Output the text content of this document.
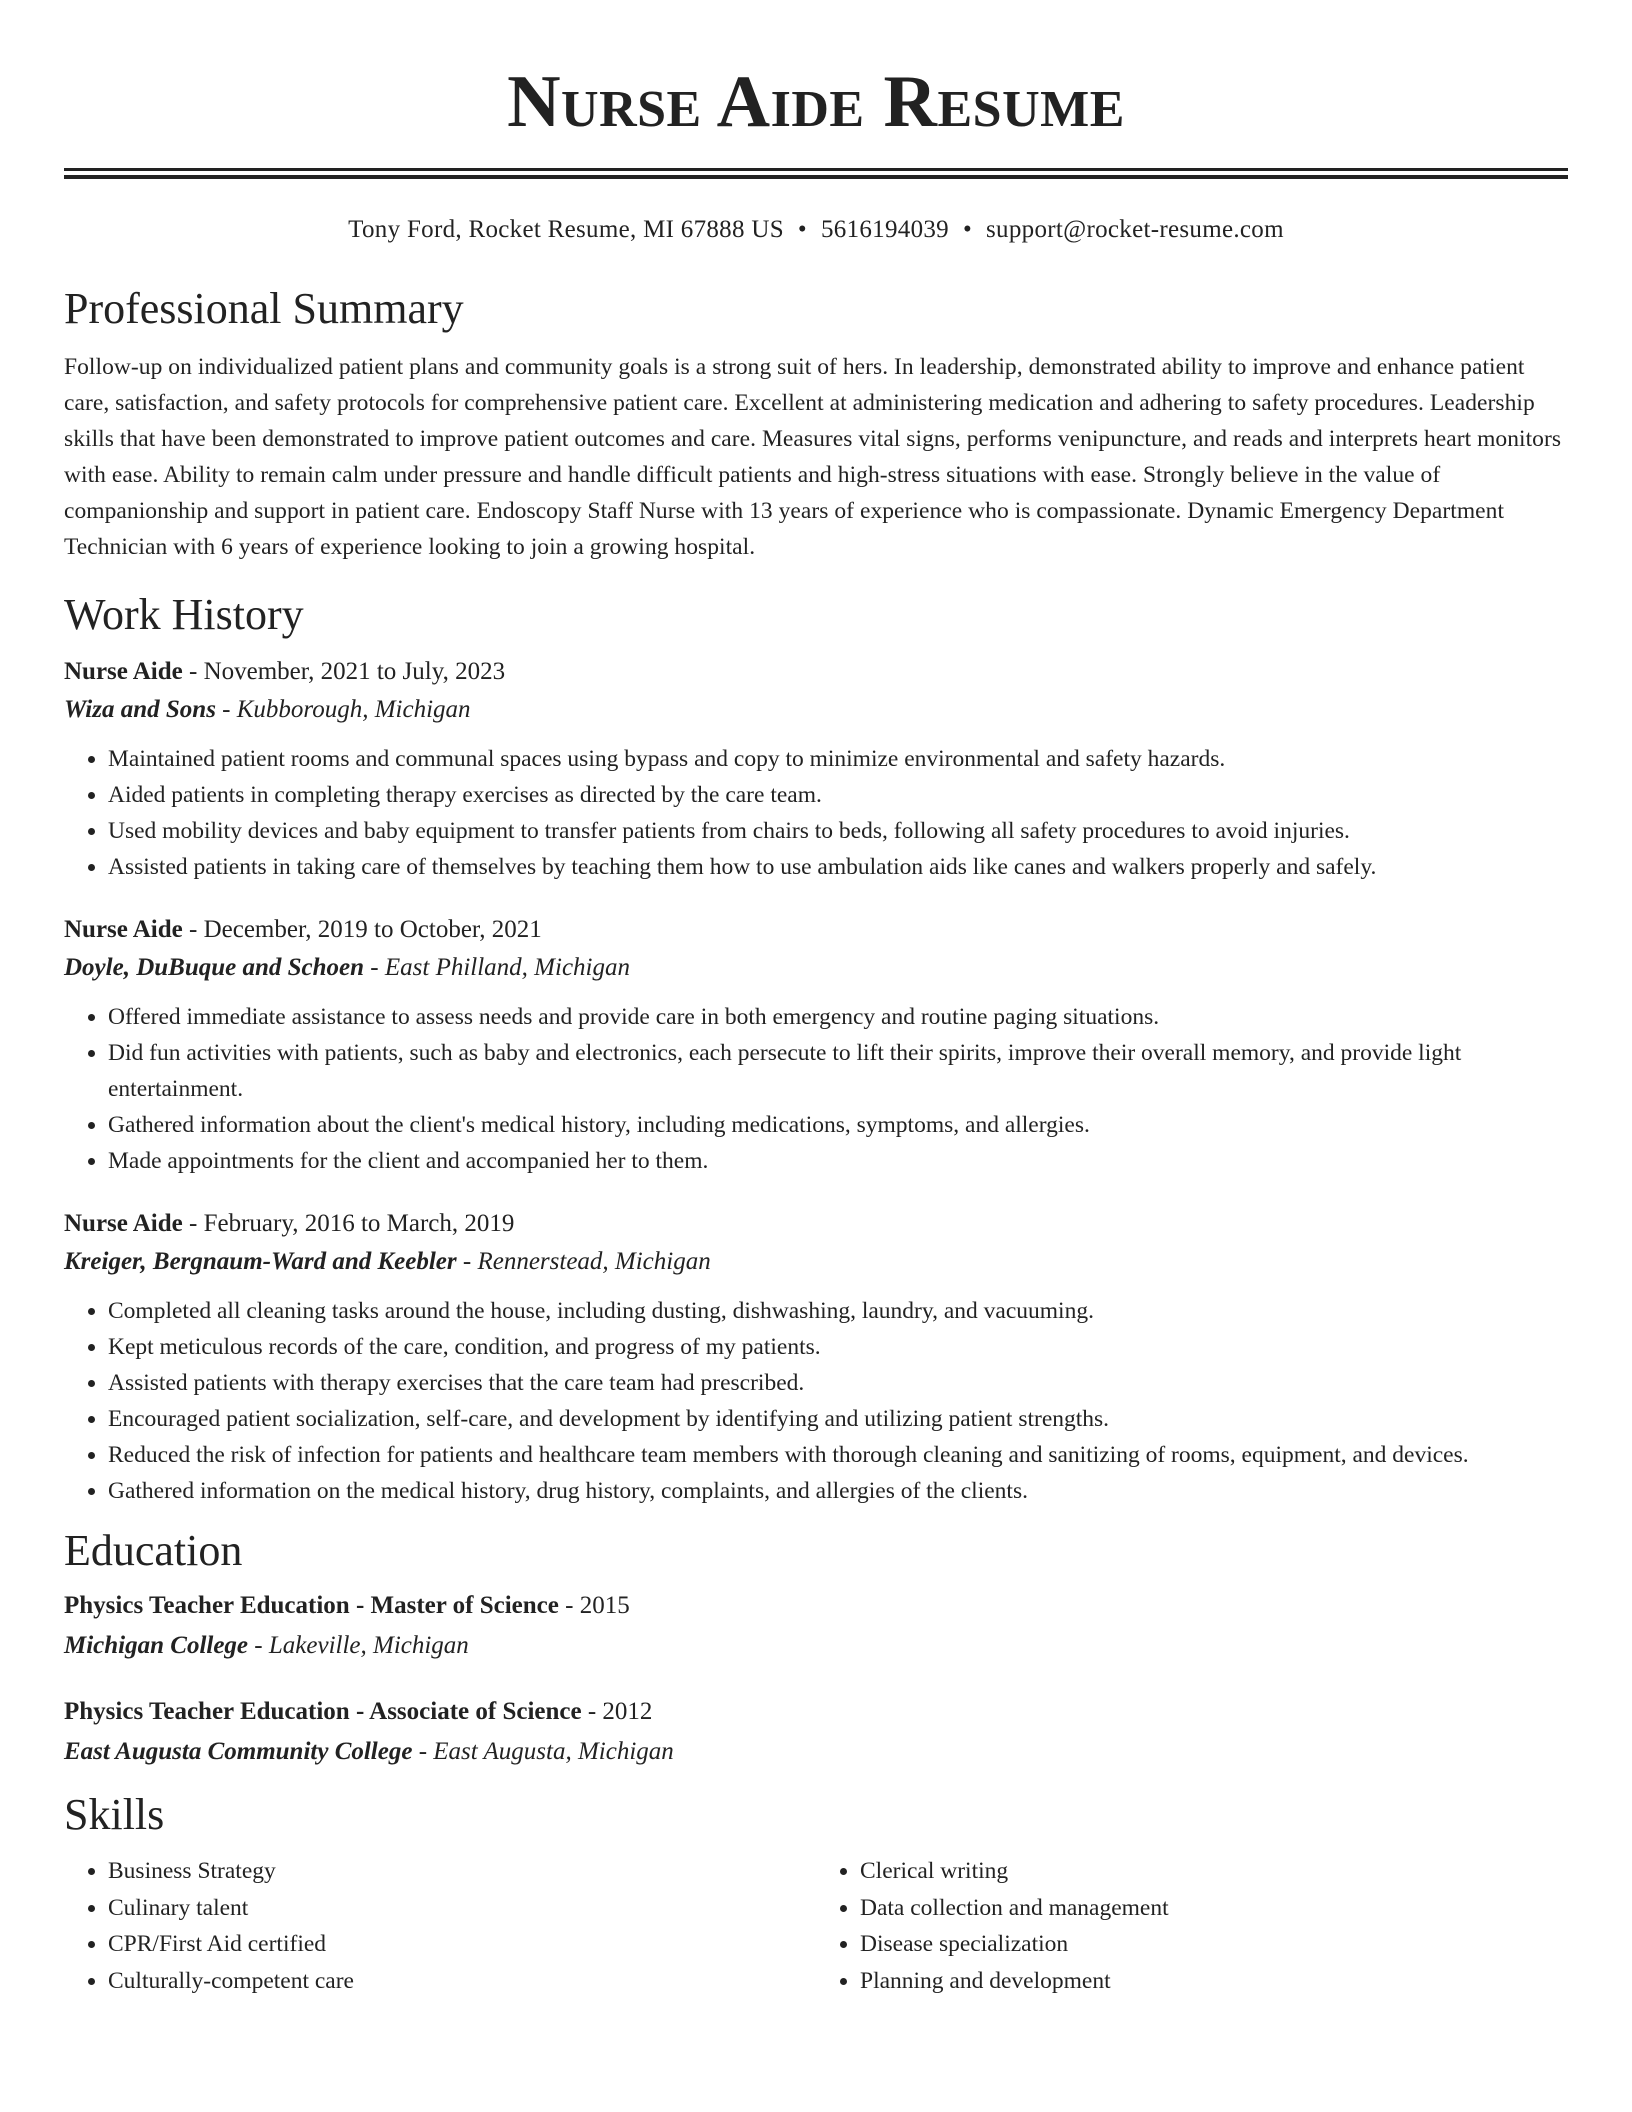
Nurse Aide Resume
Tony Ford, Rocket Resume, MI 67888 US • 5616194039 • support@rocket-resume.com
Professional Summary

Follow-up on individualized patient plans and community goals is a strong suit of hers. In leadership, demonstrated ability to improve and enhance patient care, satisfaction, and safety protocols for comprehensive patient care. Excellent at administering medication and adhering to safety procedures. Leadership skills that have been demonstrated to improve patient outcomes and care. Measures vital signs, performs venipuncture, and reads and interprets heart monitors with ease. Ability to remain calm under pressure and handle difficult patients and high-stress situations with ease. Strongly believe in the value of companionship and support in patient care. Endoscopy Staff Nurse with 13 years of experience who is compassionate. Dynamic Emergency Department Technician with 6 years of experience looking to join a growing hospital.

Work History

Nurse Aide - November, 2021 to July, 2023

Wiza and Sons - Kubborough, Michigan

• Maintained patient rooms and communal spaces using bypass and copy to minimize environmental and safety hazards.
• Aided patients in completing therapy exercises as directed by the care team.
• Used mobility devices and baby equipment to transfer patients from chairs to beds, following all safety procedures to avoid injuries.
• Assisted patients in taking care of themselves by teaching them how to use ambulation aids like canes and walkers properly and safely.

Nurse Aide - December, 2019 to October, 2021

Doyle, DuBuque and Schoen - East Philland, Michigan

• Offered immediate assistance to assess needs and provide care in both emergency and routine paging situations.
• Did fun activities with patients, such as baby and electronics, each persecute to lift their spirits, improve their overall memory, and provide light entertainment.
• Gathered information about the client's medical history, including medications, symptoms, and allergies.
• Made appointments for the client and accompanied her to them.

Nurse Aide - February, 2016 to March, 2019

Kreiger, Bergnaum-Ward and Keebler - Rennerstead, Michigan

• Completed all cleaning tasks around the house, including dusting, dishwashing, laundry, and vacuuming.
• Kept meticulous records of the care, condition, and progress of my patients.
• Assisted patients with therapy exercises that the care team had prescribed.
• Encouraged patient socialization, self-care, and development by identifying and utilizing patient strengths.
• Reduced the risk of infection for patients and healthcare team members with thorough cleaning and sanitizing of rooms, equipment, and devices.
• Gathered information on the medical history, drug history, complaints, and allergies of the clients.
Education

Physics Teacher Education - Master of Science - 2015

Michigan College - Lakeville, Michigan

Physics Teacher Education - Associate of Science - 2012

East Augusta Community College - East Augusta, Michigan

Skills
• Business Strategy
• Culinary talent
• CPR/First Aid certified
• Culturally-competent care
• Clerical writing
• Data collection and management
• Disease specialization
• Planning and development
